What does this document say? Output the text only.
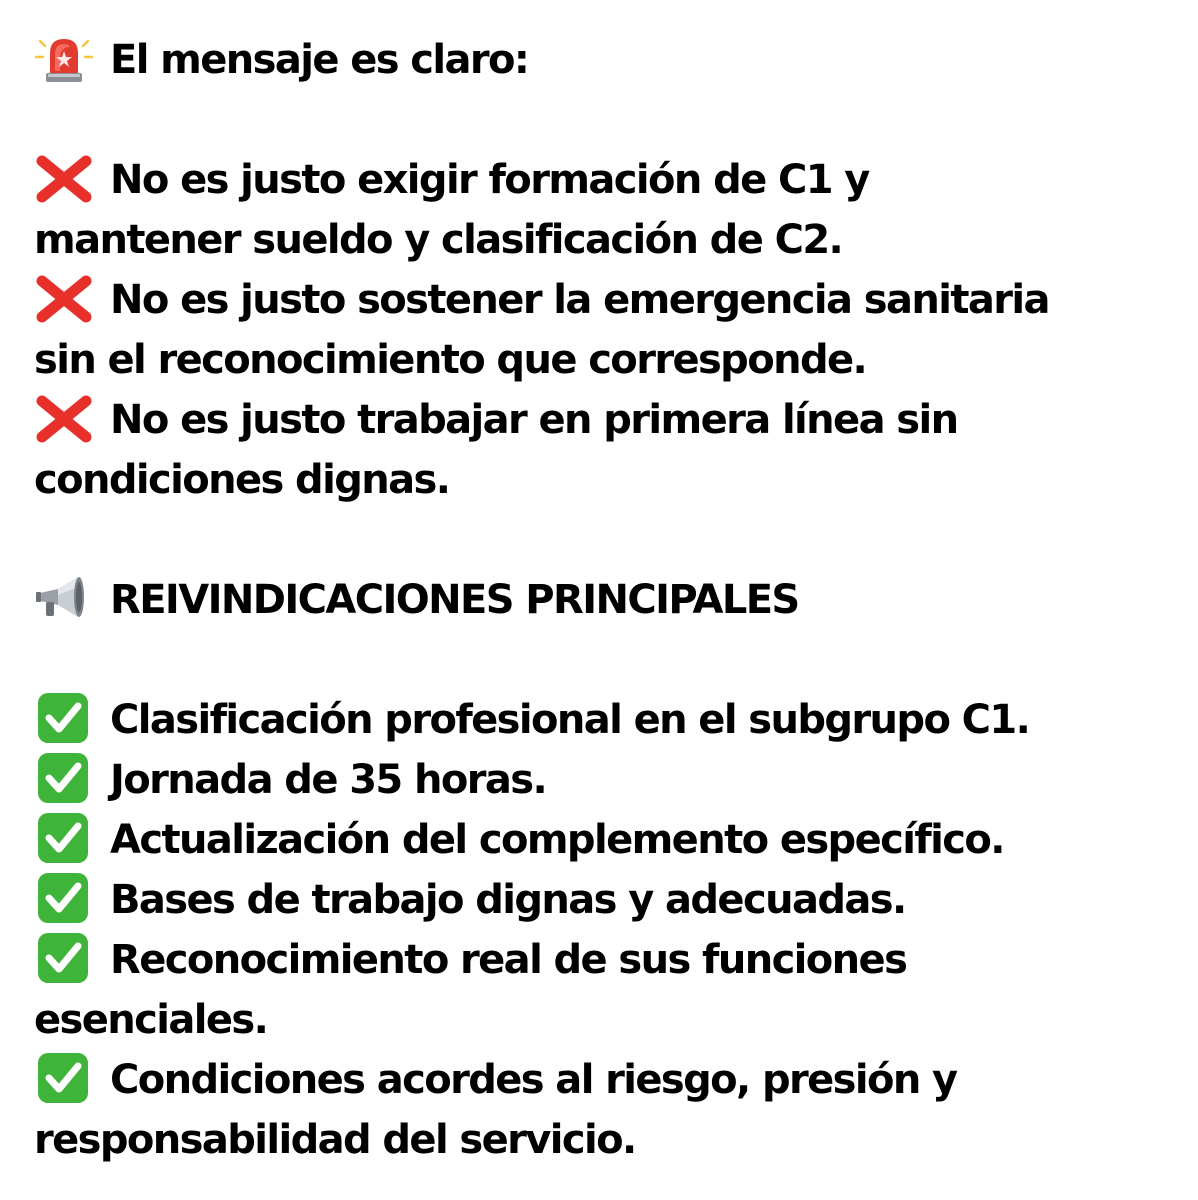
El mensaje es claro:
No es justo exigir formación de C1 y
mantener sueldo y clasificación de C2.
No es justo sostener la emergencia sanitaria
sin el reconocimiento que corresponde.
No es justo trabajar en primera línea sin
condiciones dignas.
REIVINDICACIONES PRINCIPALES
Clasificación profesional en el subgrupo C1.
Jornada de 35 horas.
Actualización del complemento específico.
Bases de trabajo dignas y adecuadas.
Reconocimiento real de sus funciones
esenciales.
Condiciones acordes al riesgo, presión y
responsabilidad del servicio.
